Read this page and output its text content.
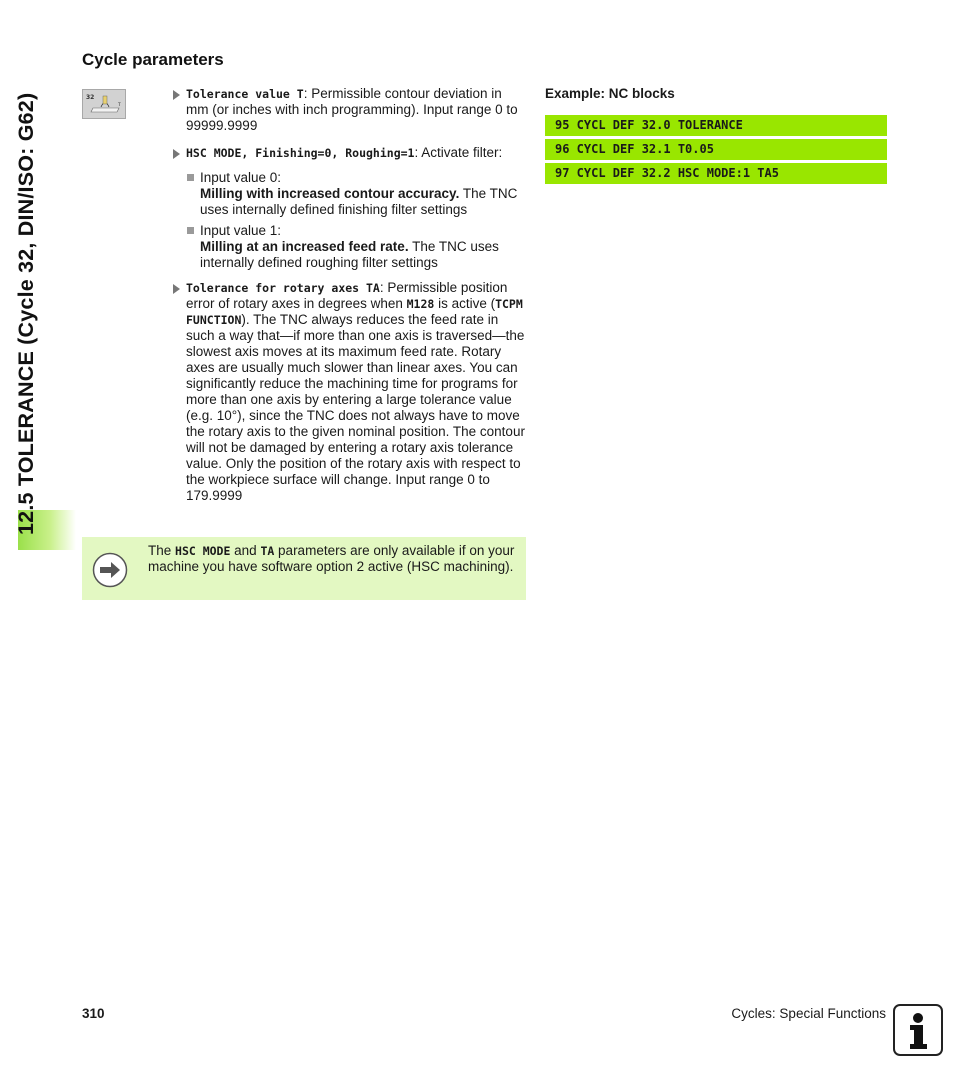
12.5 TOLERANCE (Cycle 32, DIN/ISO: G62)
Cycle parameters
32
T
Tolerance value T: Permissible contour deviation in mm (or inches with inch programming). Input range 0 to 99999.9999
HSC MODE, Finishing=0, Roughing=1: Activate filter:
Input value 0:
Milling with increased contour accuracy. The TNC uses internally defined finishing filter settings
Input value 1:
Milling at an increased feed rate. The TNC uses internally defined roughing filter settings
Tolerance for rotary axes TA: Permissible position error of rotary axes in degrees when M128 is active (TCPM FUNCTION). The TNC always reduces the feed rate in such a way that—if more than one axis is traversed—the slowest axis moves at its maximum feed rate. Rotary axes are usually much slower than linear axes. You can significantly reduce the machining time for programs for more than one axis by entering a large tolerance value (e.g. 10°), since the TNC does not always have to move the rotary axis to the given nominal position. The contour will not be damaged by entering a rotary axis tolerance value. Only the position of the rotary axis with respect to the workpiece surface will change. Input range 0 to 179.9999
The HSC MODE and TA parameters are only available if on your machine you have software option 2 active (HSC machining).
Example: NC blocks
95 CYCL DEF 32.0 TOLERANCE
96 CYCL DEF 32.1 T0.05
97 CYCL DEF 32.2 HSC MODE:1 TA5
310	Cycles: Special Functions
